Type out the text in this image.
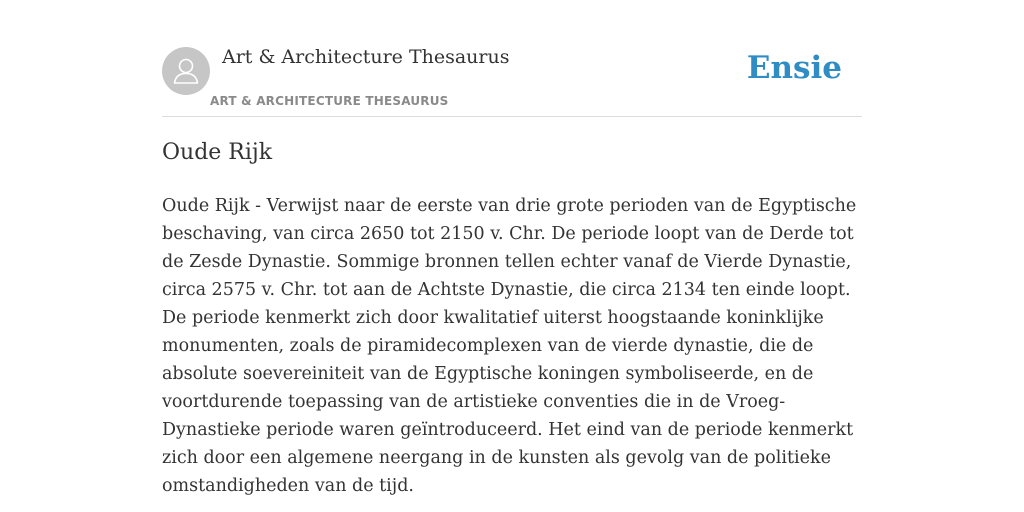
Art & Architecture Thesaurus
ART & ARCHITECTURE THESAURUS
Ensie
Oude Rijk

Oude Rijk - Verwijst naar de eerste van drie grote perioden van de Egyptische beschaving, van circa 2650 tot 2150 v. Chr. De periode loopt van de Derde tot de Zesde Dynastie. Sommige bronnen tellen echter vanaf de Vierde Dynastie, circa 2575 v. Chr. tot aan de Achtste Dynastie, die circa 2134 ten einde loopt. De periode kenmerkt zich door kwalitatief uiterst hoogstaande koninklijke monumenten, zoals de piramidecomplexen van de vierde dynastie, die de absolute soevereiniteit van de Egyptische koningen symboliseerde, en de voortdurende toepassing van de artistieke conventies die in de Vroeg-Dynastieke periode waren geïntroduceerd. Het eind van de periode kenmerkt zich door een algemene neergang in de kunsten als gevolg van de politieke omstandigheden van de tijd.
